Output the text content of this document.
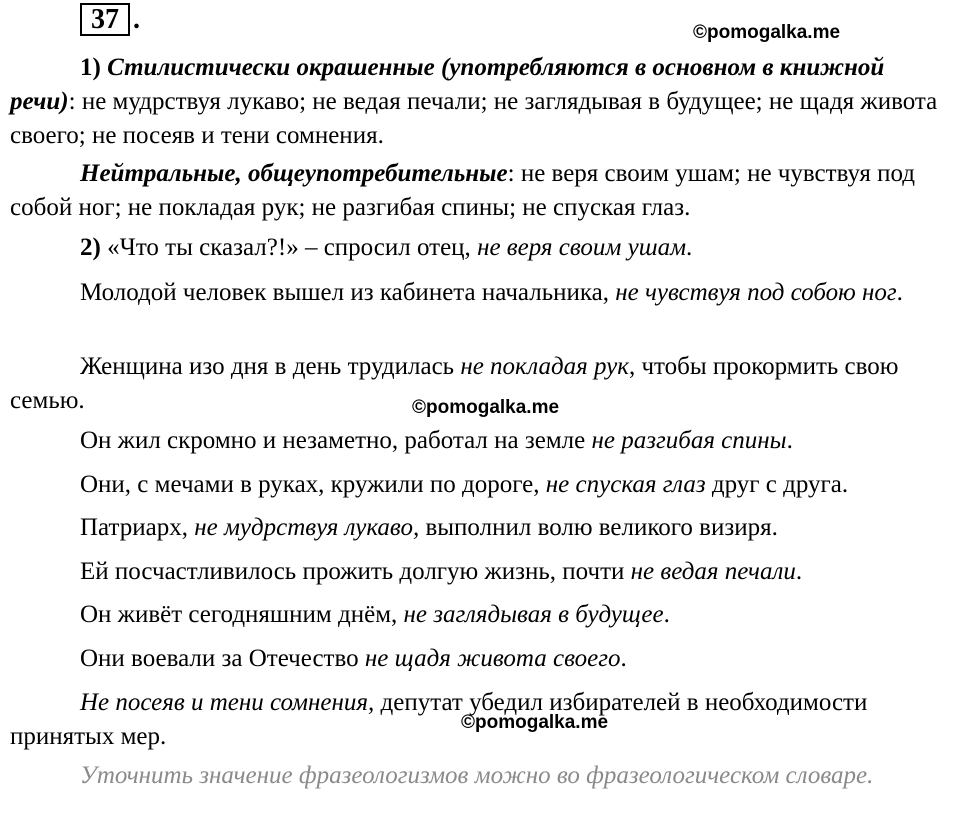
37 .	©pomogalka.me
©pomogalka.me
©pomogalka.me

1) Стилистически окрашенные (употребляются в основном в книжной речи): не мудрствуя лукаво; не ведая печали; не заглядывая в будущее; не щадя живота своего; не посеяв и тени сомнения.

Нейтральные, общеупотребительные: не веря своим ушам; не чувствуя под собой ног; не покладая рук; не разгибая спины; не спуская глаз.

2) «Что ты сказал?!» – спросил отец, не веря своим ушам.

Молодой человек вышел из кабинета начальника, не чувствуя под собою ног.

Женщина изо дня в день трудилась не покладая рук, чтобы прокормить свою семью.

Он жил скромно и незаметно, работал на земле не разгибая спины.

Они, с мечами в руках, кружили по дороге, не спуская глаз друг с друга.

Патриарх, не мудрствуя лукаво, выполнил волю великого визиря.

Ей посчастливилось прожить долгую жизнь, почти не ведая печали.

Он живёт сегодняшним днём, не заглядывая в будущее.

Они воевали за Отечество не щадя живота своего.

Не посеяв и тени сомнения, депутат убедил избирателей в необходимости принятых мер.

Уточнить значение фразеологизмов можно во фразеологическом словаре.
